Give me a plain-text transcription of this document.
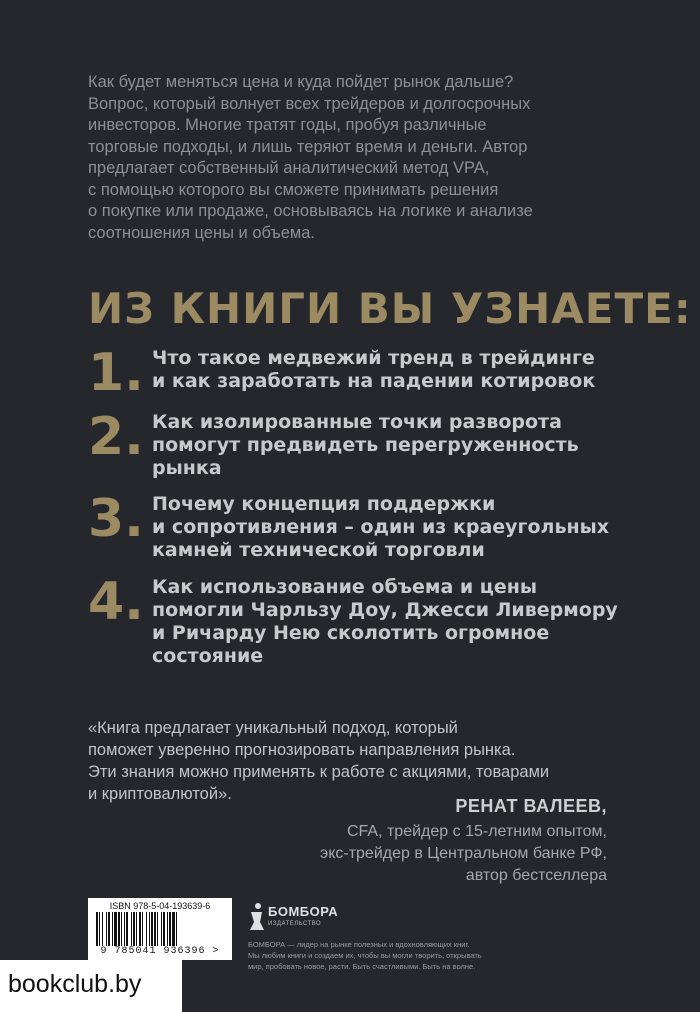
Как будет меняться цена и куда пойдет рынок дальше?
Вопрос, который волнует всех трейдеров и долгосрочных
инвесторов. Многие тратят годы, пробуя различные
торговые подходы, и лишь теряют время и деньги. Автор
предлагает собственный аналитический метод VPA,
с помощью которого вы сможете принимать решения
о покупке или продаже, основываясь на логике и анализе
соотношения цены и объема.

ИЗ КНИГИ ВЫ УЗНАЕТЕ:
1. Что такое медвежий тренд в трейдинге
и как заработать на падении котировок
2. Как изолированные точки разворота
помогут предвидеть перегруженность
рынка
3. Почему концепция поддержки
и сопротивления – один из краеугольных
камней технической торговли
4. Как использование объема и цены
помогли Чарльзу Доу, Джесси Ливермору
и Ричарду Нею сколотить огромное
состояние
«Книга предлагает уникальный подход, который
поможет уверенно прогнозировать направления рынка.
Эти знания можно применять к работе с акциями, товарами
и криптовалютой».
РЕНАТ ВАЛЕЕВ,
CFA, трейдер с 15-летним опытом,
экс-трейдер в Центральном банке РФ,
автор бестселлера
ISBN 978-5-04-193639-6
9 785041 936396 >
БОМБОРА
ИЗДАТЕЛЬСТВО
БОМБОРА — лидер на рынке полезных и вдохновляющих книг.
Мы любим книги и создаем их, чтобы вы могли творить, открывать
мир, пробовать новое, расти. Быть счастливыми. Быть на волне.
bookclub.by
